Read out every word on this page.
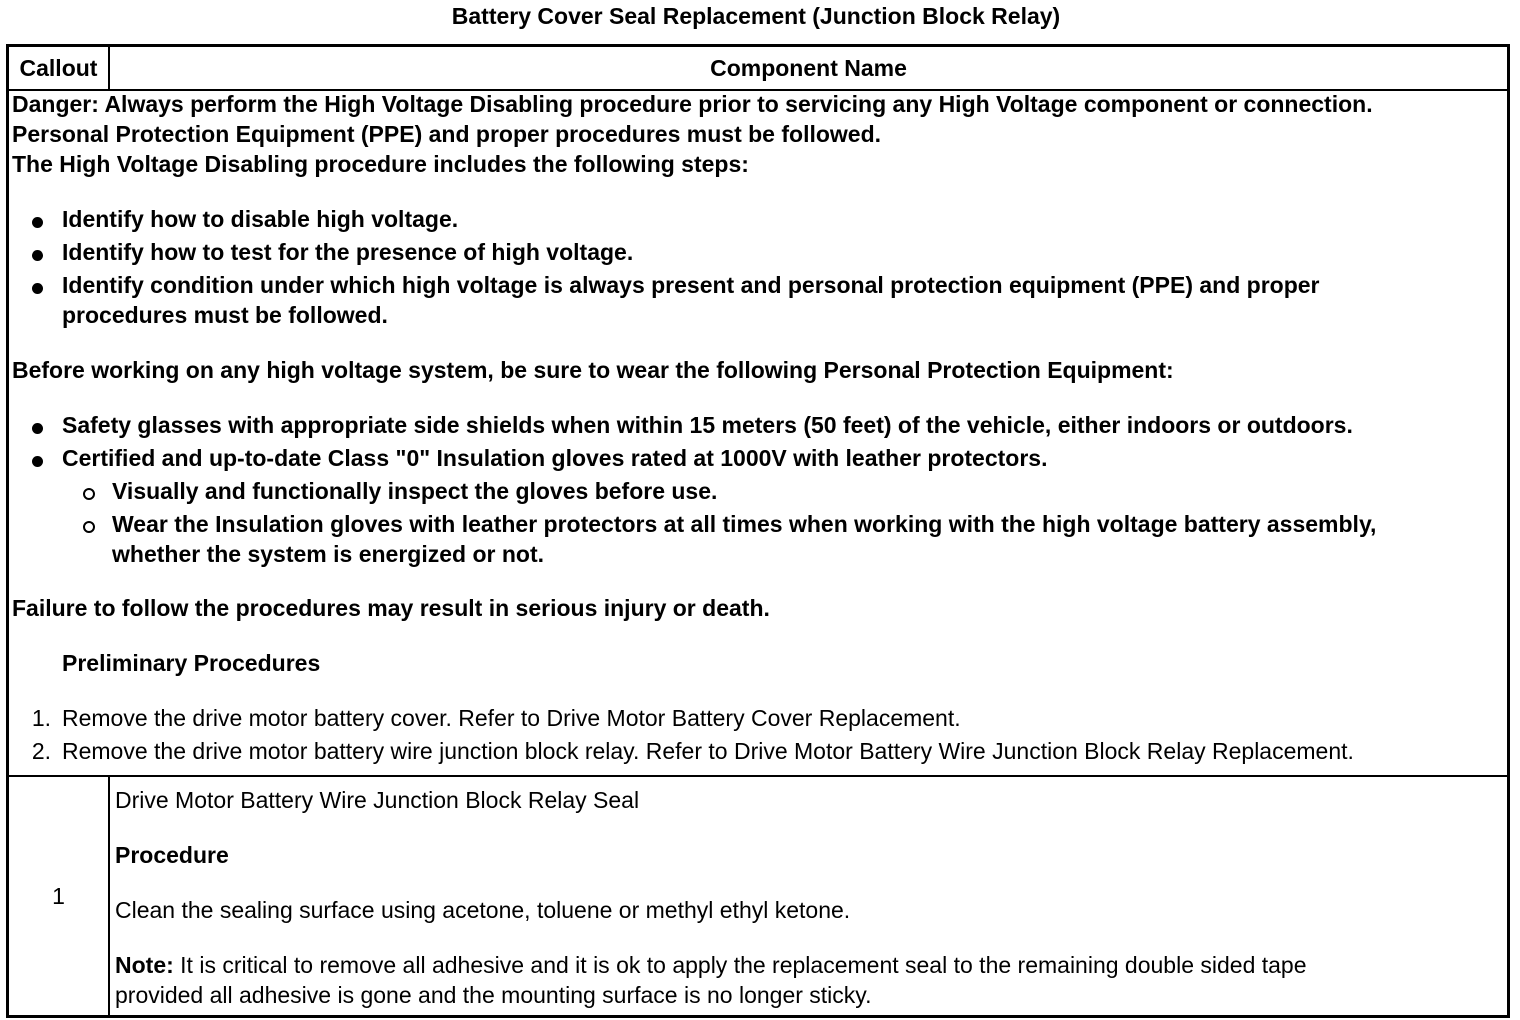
Battery Cover Seal Replacement (Junction Block Relay)
Callout	Component Name
Danger: Always perform the High Voltage Disabling procedure prior to servicing any High Voltage component or connection.
Personal Protection Equipment (PPE) and proper procedures must be followed.
The High Voltage Disabling procedure includes the following steps:
Identify how to disable high voltage.
Identify how to test for the presence of high voltage.
Identify condition under which high voltage is always present and personal protection equipment (PPE) and proper
procedures must be followed.
Before working on any high voltage system, be sure to wear the following Personal Protection Equipment:
Safety glasses with appropriate side shields when within 15 meters (50 feet) of the vehicle, either indoors or outdoors.
Certified and up-to-date Class "0" Insulation gloves rated at 1000V with leather protectors.
Visually and functionally inspect the gloves before use.
Wear the Insulation gloves with leather protectors at all times when working with the high voltage battery assembly,
whether the system is energized or not.
Failure to follow the procedures may result in serious injury or death.
Preliminary Procedures
1. Remove the drive motor battery cover. Refer to Drive Motor Battery Cover Replacement.
2. Remove the drive motor battery wire junction block relay. Refer to Drive Motor Battery Wire Junction Block Relay Replacement.
1
Drive Motor Battery Wire Junction Block Relay Seal
Procedure
Clean the sealing surface using acetone, toluene or methyl ethyl ketone.
Note: It is critical to remove all adhesive and it is ok to apply the replacement seal to the remaining double sided tape
provided all adhesive is gone and the mounting surface is no longer sticky.
